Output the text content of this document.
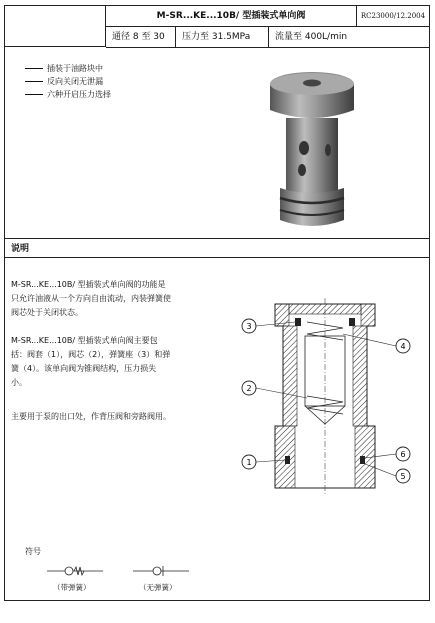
M-SR...KE...10B/ 型插装式单向阀	RC23000/12.2004
通径 8 至 30	压力至 31.5MPa	流量至 400L/min
插装于油路块中
反向关闭无泄漏
六种开启压力选择
说明
M-SR...KE...10B/ 型插装式单向阀的功能是只允许油液从一个方向自由流动，内装弹簧使阀芯处于关闭状态。
M-SR...KE...10B/ 型插装式单向阀主要包括：阀套（1），阀芯（2），弹簧座（3）和弹簧（4）。该单向阀为锥阀结构，压力损失小。
主要用于泵的出口处，作背压阀和旁路阀用。
3
2
1
4
6
5
符号
（带弹簧）	（无弹簧）
